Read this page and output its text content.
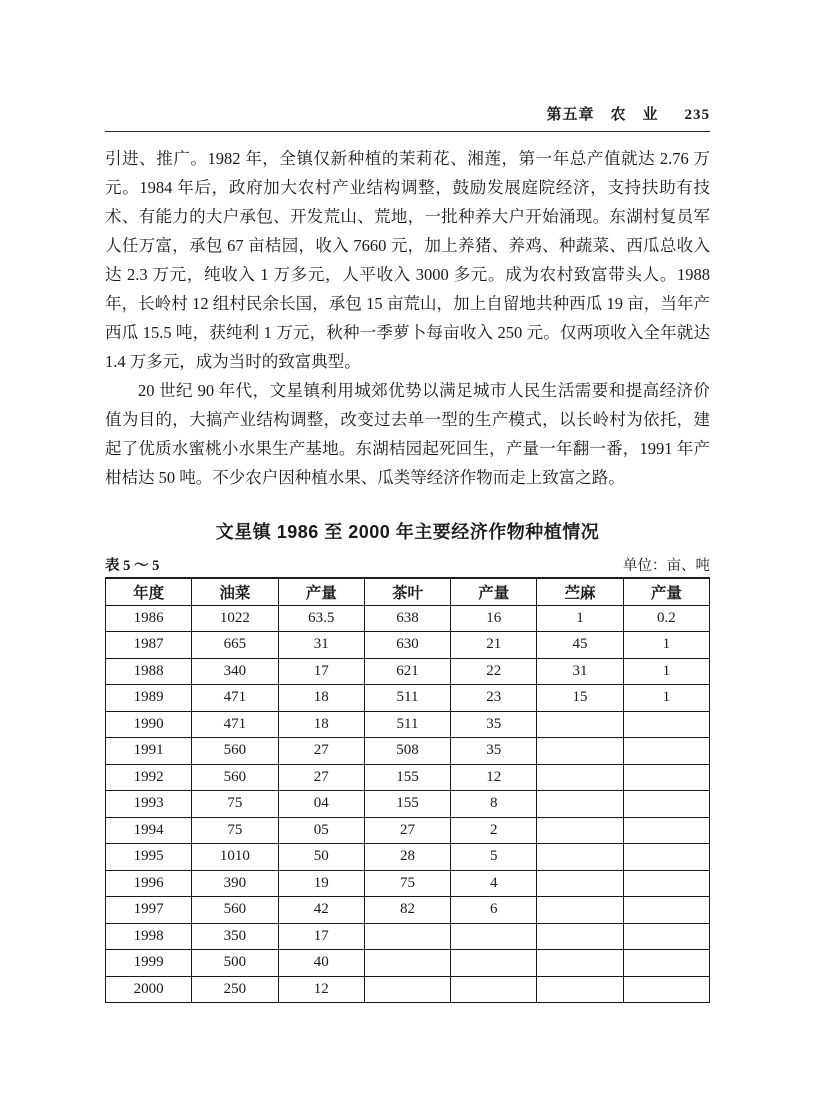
第五章　农　业 235

引进、推广。1982 年，全镇仅新种植的茉莉花、湘莲，第一年总产值就达 2.76 万元。1984 年后，政府加大农村产业结构调整，鼓励发展庭院经济，支持扶助有技术、有能力的大户承包、开发荒山、荒地，一批种养大户开始涌现。东湖村复员军人任万富，承包 67 亩桔园，收入 7660 元，加上养猪、养鸡、种蔬菜、西瓜总收入达 2.3 万元，纯收入 1 万多元，人平收入 3000 多元。成为农村致富带头人。1988 年，长岭村 12 组村民余长国，承包 15 亩荒山，加上自留地共种西瓜 19 亩，当年产西瓜 15.5 吨，获纯利 1 万元，秋种一季萝卜每亩收入 250 元。仅两项收入全年就达 1.4 万多元，成为当时的致富典型。

20 世纪 90 年代，文星镇利用城郊优势以满足城市人民生活需要和提高经济价值为目的，大搞产业结构调整，改变过去单一型的生产模式，以长岭村为依托，建起了优质水蜜桃小水果生产基地。东湖桔园起死回生，产量一年翻一番，1991 年产柑桔达 50 吨。不少农户因种植水果、瓜类等经济作物而走上致富之路。

文星镇 1986 至 2000 年主要经济作物种植情况
表 5 ～ 5	单位：亩、吨
年度	油菜	产量	茶叶	产量	苎麻	产量
1986	1022	63.5	638	16	1	0.2
1987	665	31	630	21	45	1
1988	340	17	621	22	31	1
1989	471	18	511	23	15	1
1990	471	18	511	35		
1991	560	27	508	35		
1992	560	27	155	12		
1993	75	04	155	8		
1994	75	05	27	2		
1995	1010	50	28	5		
1996	390	19	75	4		
1997	560	42	82	6		
1998	350	17				
1999	500	40				
2000	250	12				
